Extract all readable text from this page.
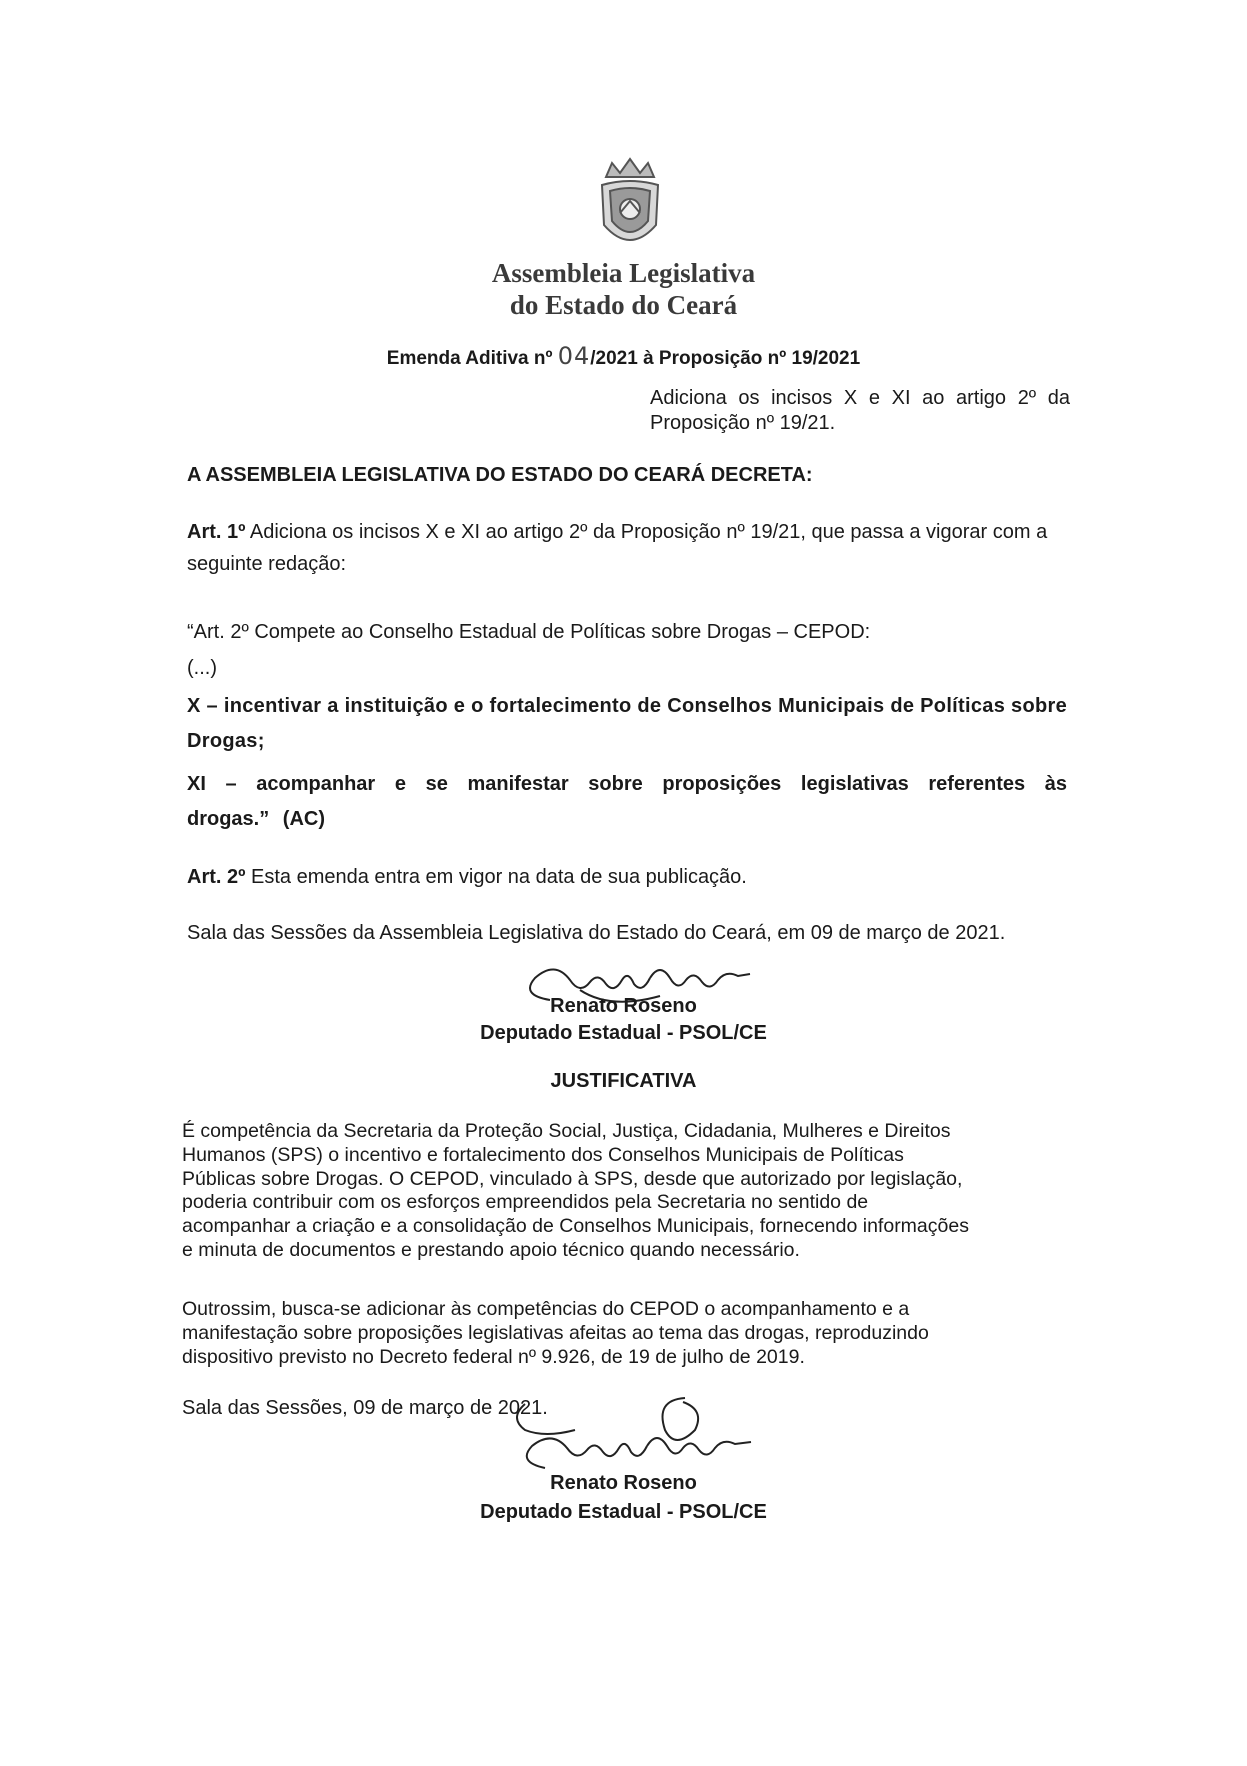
Assembleia Legislativa
do Estado do Ceará
Emenda Aditiva nº 04/2021 à Proposição nº 19/2021
Adiciona os incisos X e XI ao artigo 2º da Proposição nº 19/21.
A ASSEMBLEIA LEGISLATIVA DO ESTADO DO CEARÁ DECRETA:
Art. 1º Adiciona os incisos X e XI ao artigo 2º da Proposição nº 19/21, que passa a vigorar com a seguinte redação:
“Art. 2º Compete ao Conselho Estadual de Políticas sobre Drogas – CEPOD:
(...)
X – incentivar a instituição e o fortalecimento de Conselhos Municipais de Políticas sobre Drogas;
XI – acompanhar e se manifestar sobre proposições legislativas referentes às drogas.” (AC)
Art. 2º Esta emenda entra em vigor na data de sua publicação.
Sala das Sessões da Assembleia Legislativa do Estado do Ceará, em 09 de março de 2021.
Renato Roseno
Deputado Estadual - PSOL/CE
JUSTIFICATIVA
É competência da Secretaria da Proteção Social, Justiça, Cidadania, Mulheres e Direitos
Humanos (SPS) o incentivo e fortalecimento dos Conselhos Municipais de Políticas
Públicas sobre Drogas. O CEPOD, vinculado à SPS, desde que autorizado por legislação,
poderia contribuir com os esforços empreendidos pela Secretaria no sentido de
acompanhar a criação e a consolidação de Conselhos Municipais, fornecendo informações
e minuta de documentos e prestando apoio técnico quando necessário.
Outrossim, busca-se adicionar às competências do CEPOD o acompanhamento e a
manifestação sobre proposições legislativas afeitas ao tema das drogas, reproduzindo
dispositivo previsto no Decreto federal nº 9.926, de 19 de julho de 2019.
Sala das Sessões, 09 de março de 2021.
Renato Roseno
Deputado Estadual - PSOL/CE
